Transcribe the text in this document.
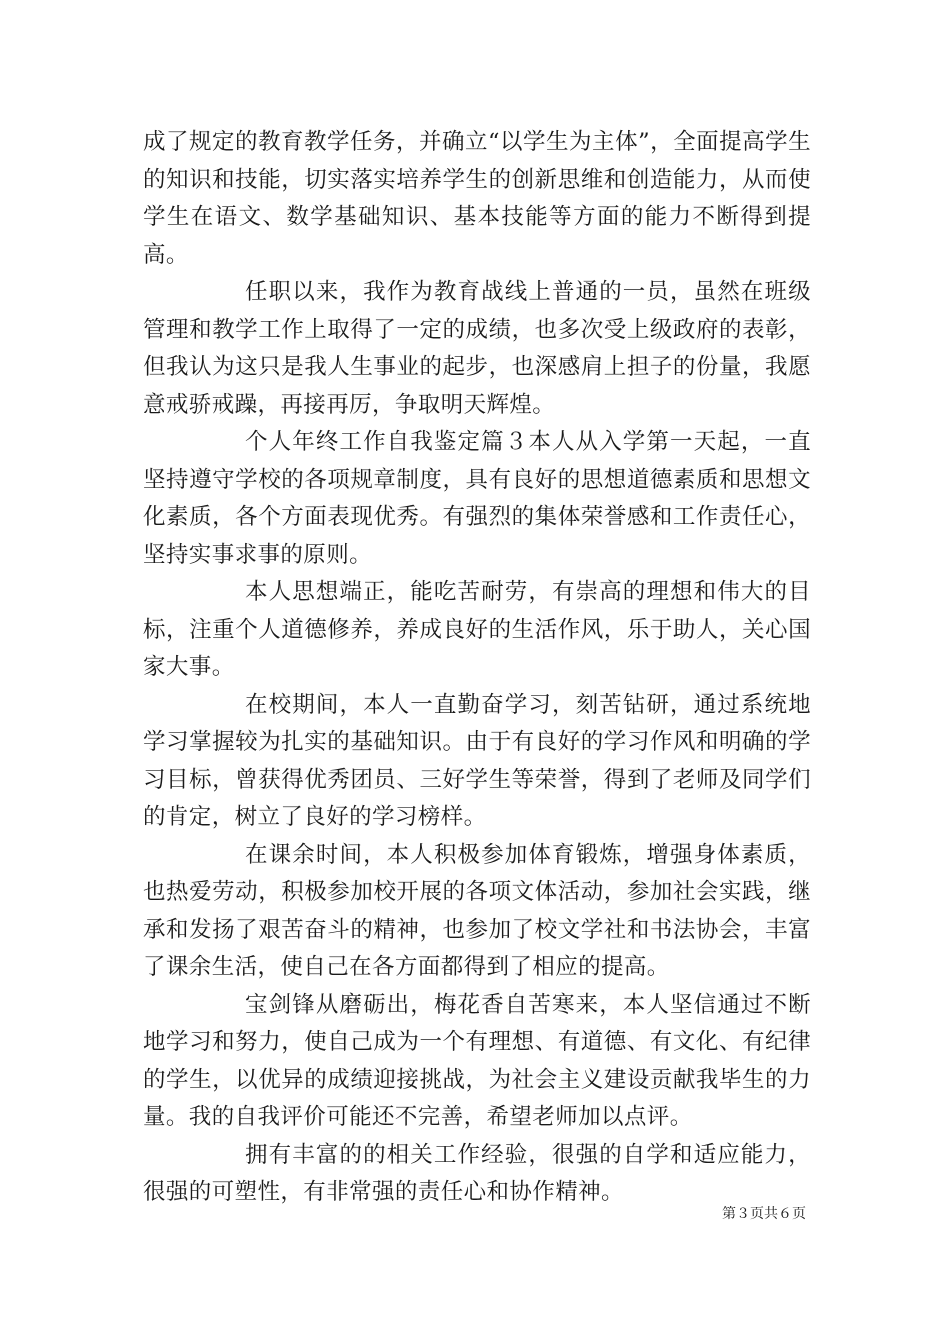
成了规定的教育教学任务，并确立“以学生为主体”，全面提高学生的知识和技能，切实落实培养学生的创新思维和创造能力，从而使学生在语文、数学基础知识、基本技能等方面的能力不断得到提高。

任职以来，我作为教育战线上普通的一员，虽然在班级管理和教学工作上取得了一定的成绩，也多次受上级政府的表彰，但我认为这只是我人生事业的起步，也深感肩上担子的份量，我愿意戒骄戒躁，再接再厉，争取明天辉煌。

个人年终工作自我鉴定篇３本人从入学第一天起，一直坚持遵守学校的各项规章制度，具有良好的思想道德素质和思想文化素质，各个方面表现优秀。有强烈的集体荣誉感和工作责任心，坚持实事求事的原则。

本人思想端正，能吃苦耐劳，有崇高的理想和伟大的目标，注重个人道德修养，养成良好的生活作风，乐于助人，关心国家大事。

在校期间，本人一直勤奋学习，刻苦钻研，通过系统地学习掌握较为扎实的基础知识。由于有良好的学习作风和明确的学习目标，曾获得优秀团员、三好学生等荣誉，得到了老师及同学们的肯定，树立了良好的学习榜样。

在课余时间，本人积极参加体育锻炼，增强身体素质，也热爱劳动，积极参加校开展的各项文体活动，参加社会实践，继承和发扬了艰苦奋斗的精神，也参加了校文学社和书法协会，丰富了课余生活，使自己在各方面都得到了相应的提高。

宝剑锋从磨砺出，梅花香自苦寒来，本人坚信通过不断地学习和努力，使自己成为一个有理想、有道德、有文化、有纪律的学生，以优异的成绩迎接挑战，为社会主义建设贡献我毕生的力量。我的自我评价可能还不完善，希望老师加以点评。

拥有丰富的的相关工作经验，很强的自学和适应能力，很强的可塑性，有非常强的责任心和协作精神。

第３页共６页
